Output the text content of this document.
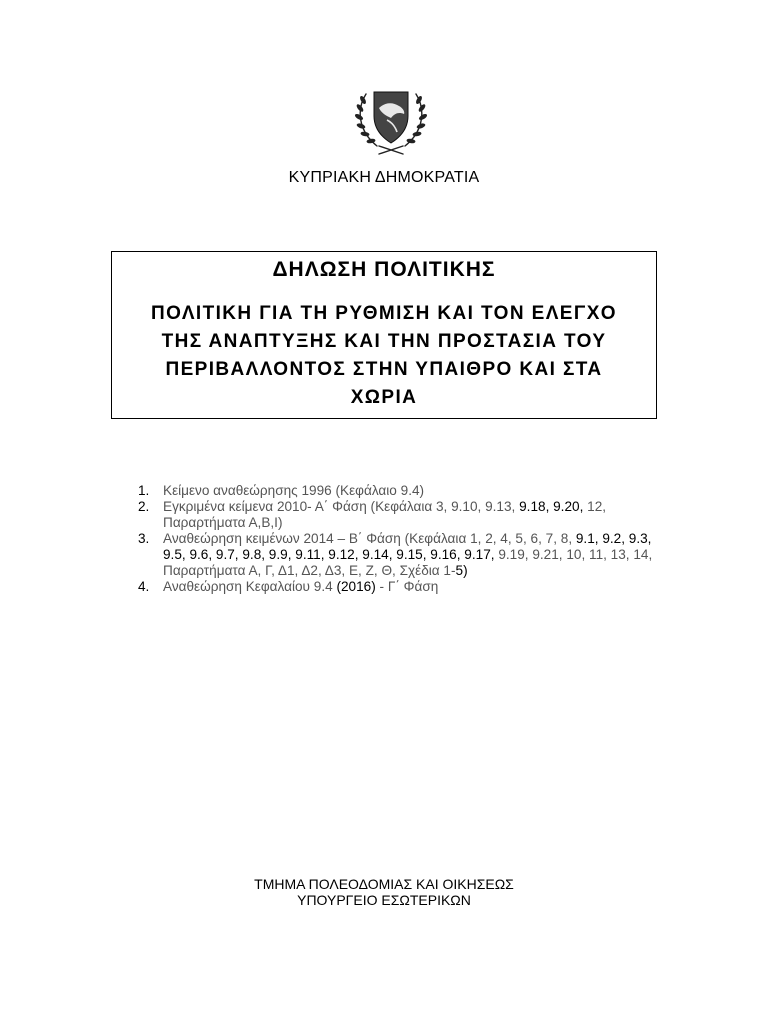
ΚΥΠΡΙΑΚΗ ΔΗΜΟΚΡΑΤΙΑ
ΔΗΛΩΣΗ ΠΟΛΙΤΙΚΗΣ
ΠΟΛΙΤΙΚΗ ΓΙΑ ΤΗ ΡΥΘΜΙΣΗ ΚΑΙ ΤΟΝ ΕΛΕΓΧΟ
ΤΗΣ ΑΝΑΠΤΥΞΗΣ ΚΑΙ ΤΗΝ ΠΡΟΣΤΑΣΙΑ ΤΟΥ
ΠΕΡΙΒΑΛΛΟΝΤΟΣ ΣΤΗΝ ΥΠΑΙΘΡΟ ΚΑΙ ΣΤΑ
ΧΩΡΙΑ
1. Κείμενο αναθεώρησης 1996 (Κεφάλαιο 9.4)
2. Εγκριμένα κείμενα 2010- Α΄ Φάση (Κεφάλαια 3, 9.10, 9.13, 9.18, 9.20, 12, Παραρτήματα Α,Β,Ι)
3. Αναθεώρηση κειμένων 2014 – Β΄ Φάση (Κεφάλαια 1, 2, 4, 5, 6, 7, 8, 9.1, 9.2, 9.3, 9.5, 9.6, 9.7, 9.8, 9.9, 9.11, 9.12, 9.14, 9.15, 9.16, 9.17, 9.19, 9.21, 10, 11, 13, 14, Παραρτήματα Α, Γ, Δ1, Δ2, Δ3, Ε, Ζ, Θ, Σχέδια 1-5)
4. Αναθεώρηση Κεφαλαίου 9.4 (2016) - Γ΄ Φάση
ΤΜΗΜΑ ΠΟΛΕΟΔΟΜΙΑΣ ΚΑΙ ΟΙΚΗΣΕΩΣ
ΥΠΟΥΡΓΕΙΟ ΕΣΩΤΕΡΙΚΩΝ
